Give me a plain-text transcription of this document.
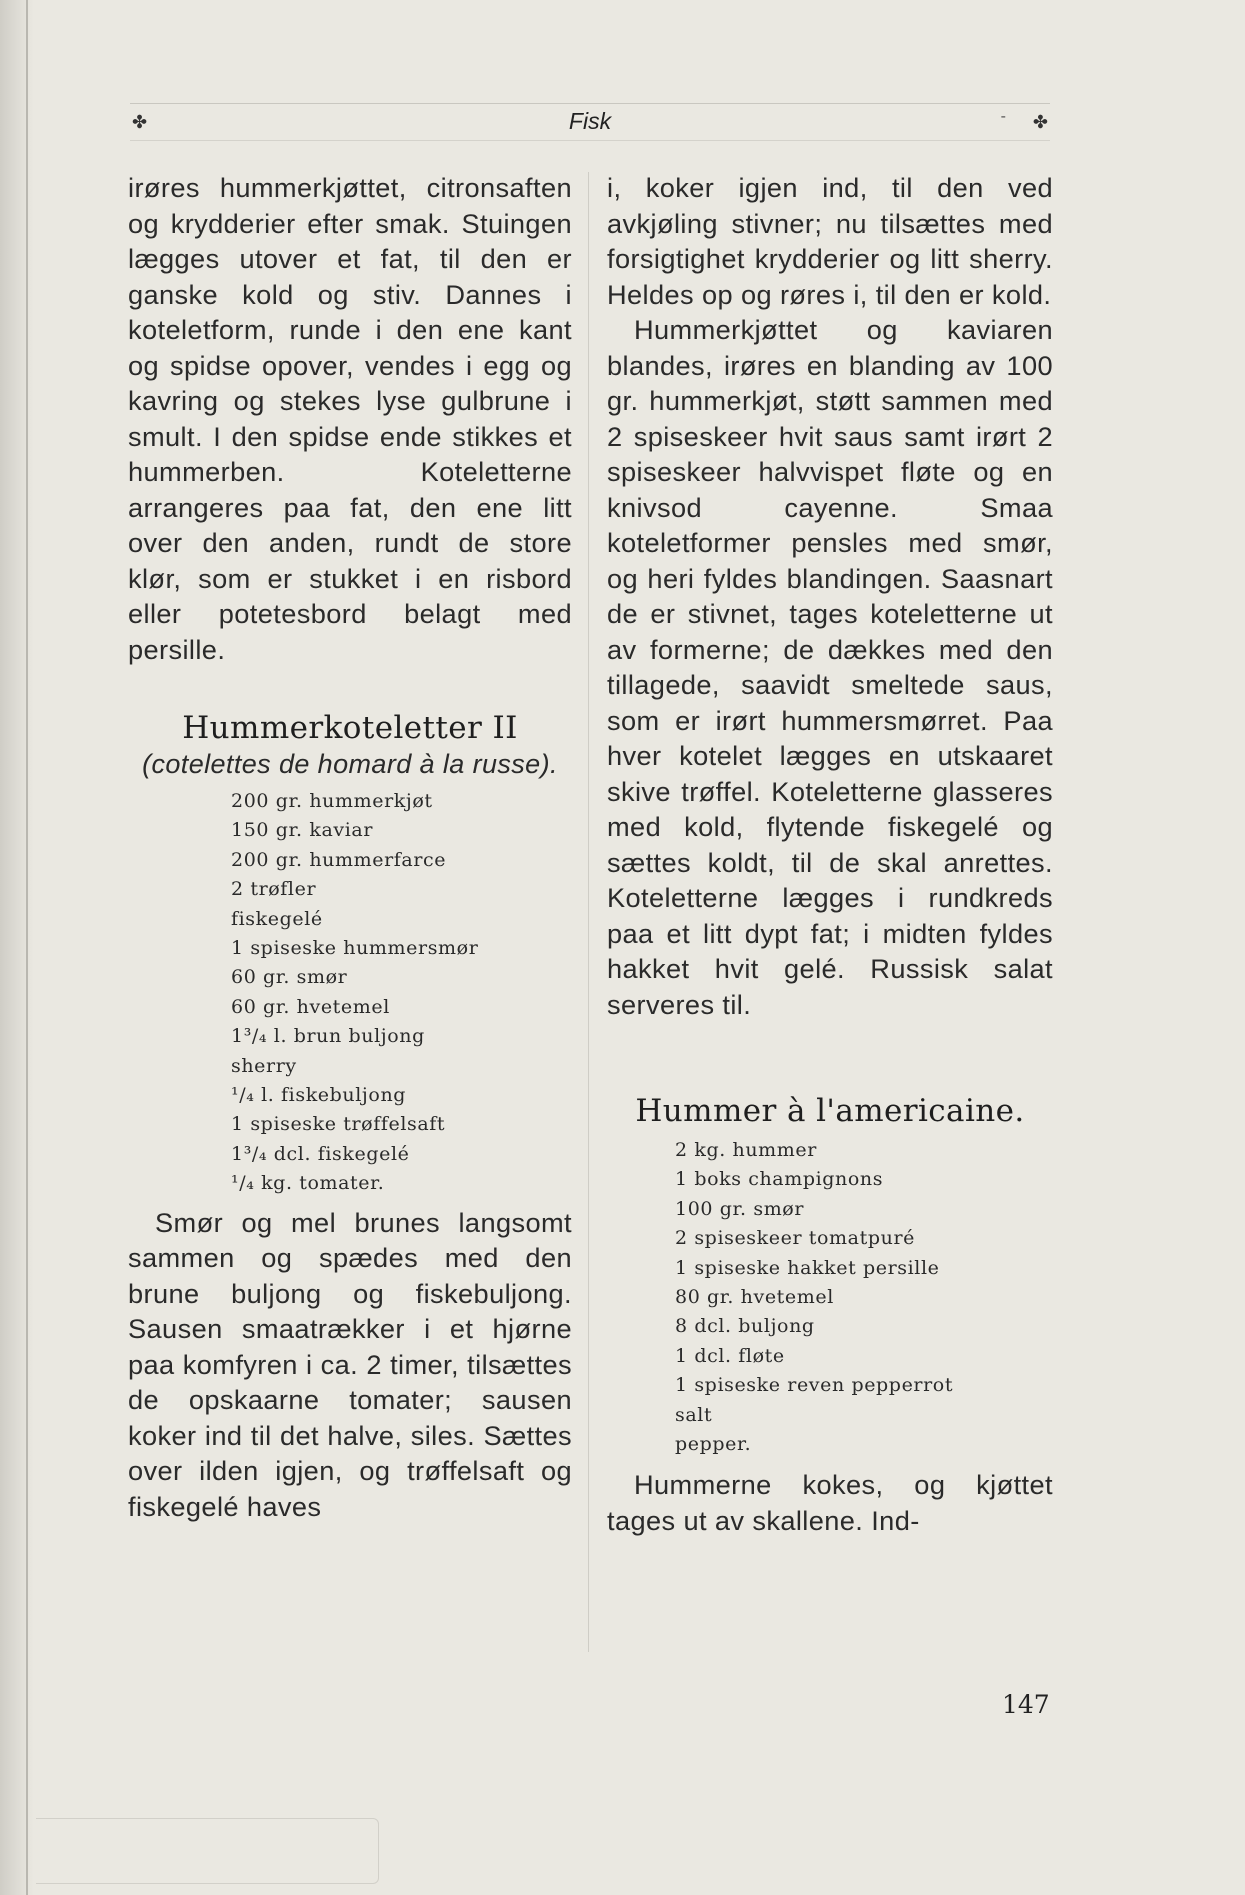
✤	Fisk	- ✤

irøres hummerkjøttet, citronsaften og krydderier efter smak. Stuingen lægges utover et fat, til den er ganske kold og stiv. Dannes i koteletform, runde i den ene kant og spidse opover, vendes i egg og kavring og stekes lyse gulbrune i smult. I den spidse ende stikkes et hummerben. Koteletterne arrangeres paa fat, den ene litt over den anden, rundt de store klør, som er stukket i en risbord eller potetesbord belagt med persille.

Hummerkoteletter II
(cotelettes de homard à la russe).
200 gr. hummerkjøt
150 gr. kaviar
200 gr. hummerfarce
2 trøfler
fiskegelé
1 spiseske hummersmør
60 gr. smør
60 gr. hvetemel
1³/₄ l. brun buljong
sherry
¹/₄ l. fiskebuljong
1 spiseske trøffelsaft
1³/₄ dcl. fiskegelé
¹/₄ kg. tomater.

Smør og mel brunes langsomt sammen og spædes med den brune buljong og fiskebuljong. Sausen smaatrækker i et hjørne paa komfyren i ca. 2 timer, tilsættes de opskaarne tomater; sausen koker ind til det halve, siles. Sættes over ilden igjen, og trøffelsaft og fiskegelé haves

i, koker igjen ind, til den ved avkjøling stivner; nu tilsættes med forsigtighet krydderier og litt sherry. Heldes op og røres i, til den er kold.

Hummerkjøttet og kaviaren blandes, irøres en blanding av 100 gr. hummerkjøt, støtt sammen med 2 spiseskeer hvit saus samt irørt 2 spiseskeer halvvispet fløte og en knivsod cayenne. Smaa koteletformer pensles med smør, og heri fyldes blandingen. Saasnart de er stivnet, tages koteletterne ut av formerne; de dækkes med den tillagede, saavidt smeltede saus, som er irørt hummersmørret. Paa hver kotelet lægges en utskaaret skive trøffel. Koteletterne glasseres med kold, flytende fiskegelé og sættes koldt, til de skal anrettes. Koteletterne lægges i rundkreds paa et litt dypt fat; i midten fyldes hakket hvit gelé. Russisk salat serveres til.

Hummer à l'americaine.
2 kg. hummer
1 boks champignons
100 gr. smør
2 spiseskeer tomatpuré
1 spiseske hakket persille
80 gr. hvetemel
8 dcl. buljong
1 dcl. fløte
1 spiseske reven pepperrot
salt
pepper.

Hummerne kokes, og kjøttet tages ut av skallene. Ind-

147
